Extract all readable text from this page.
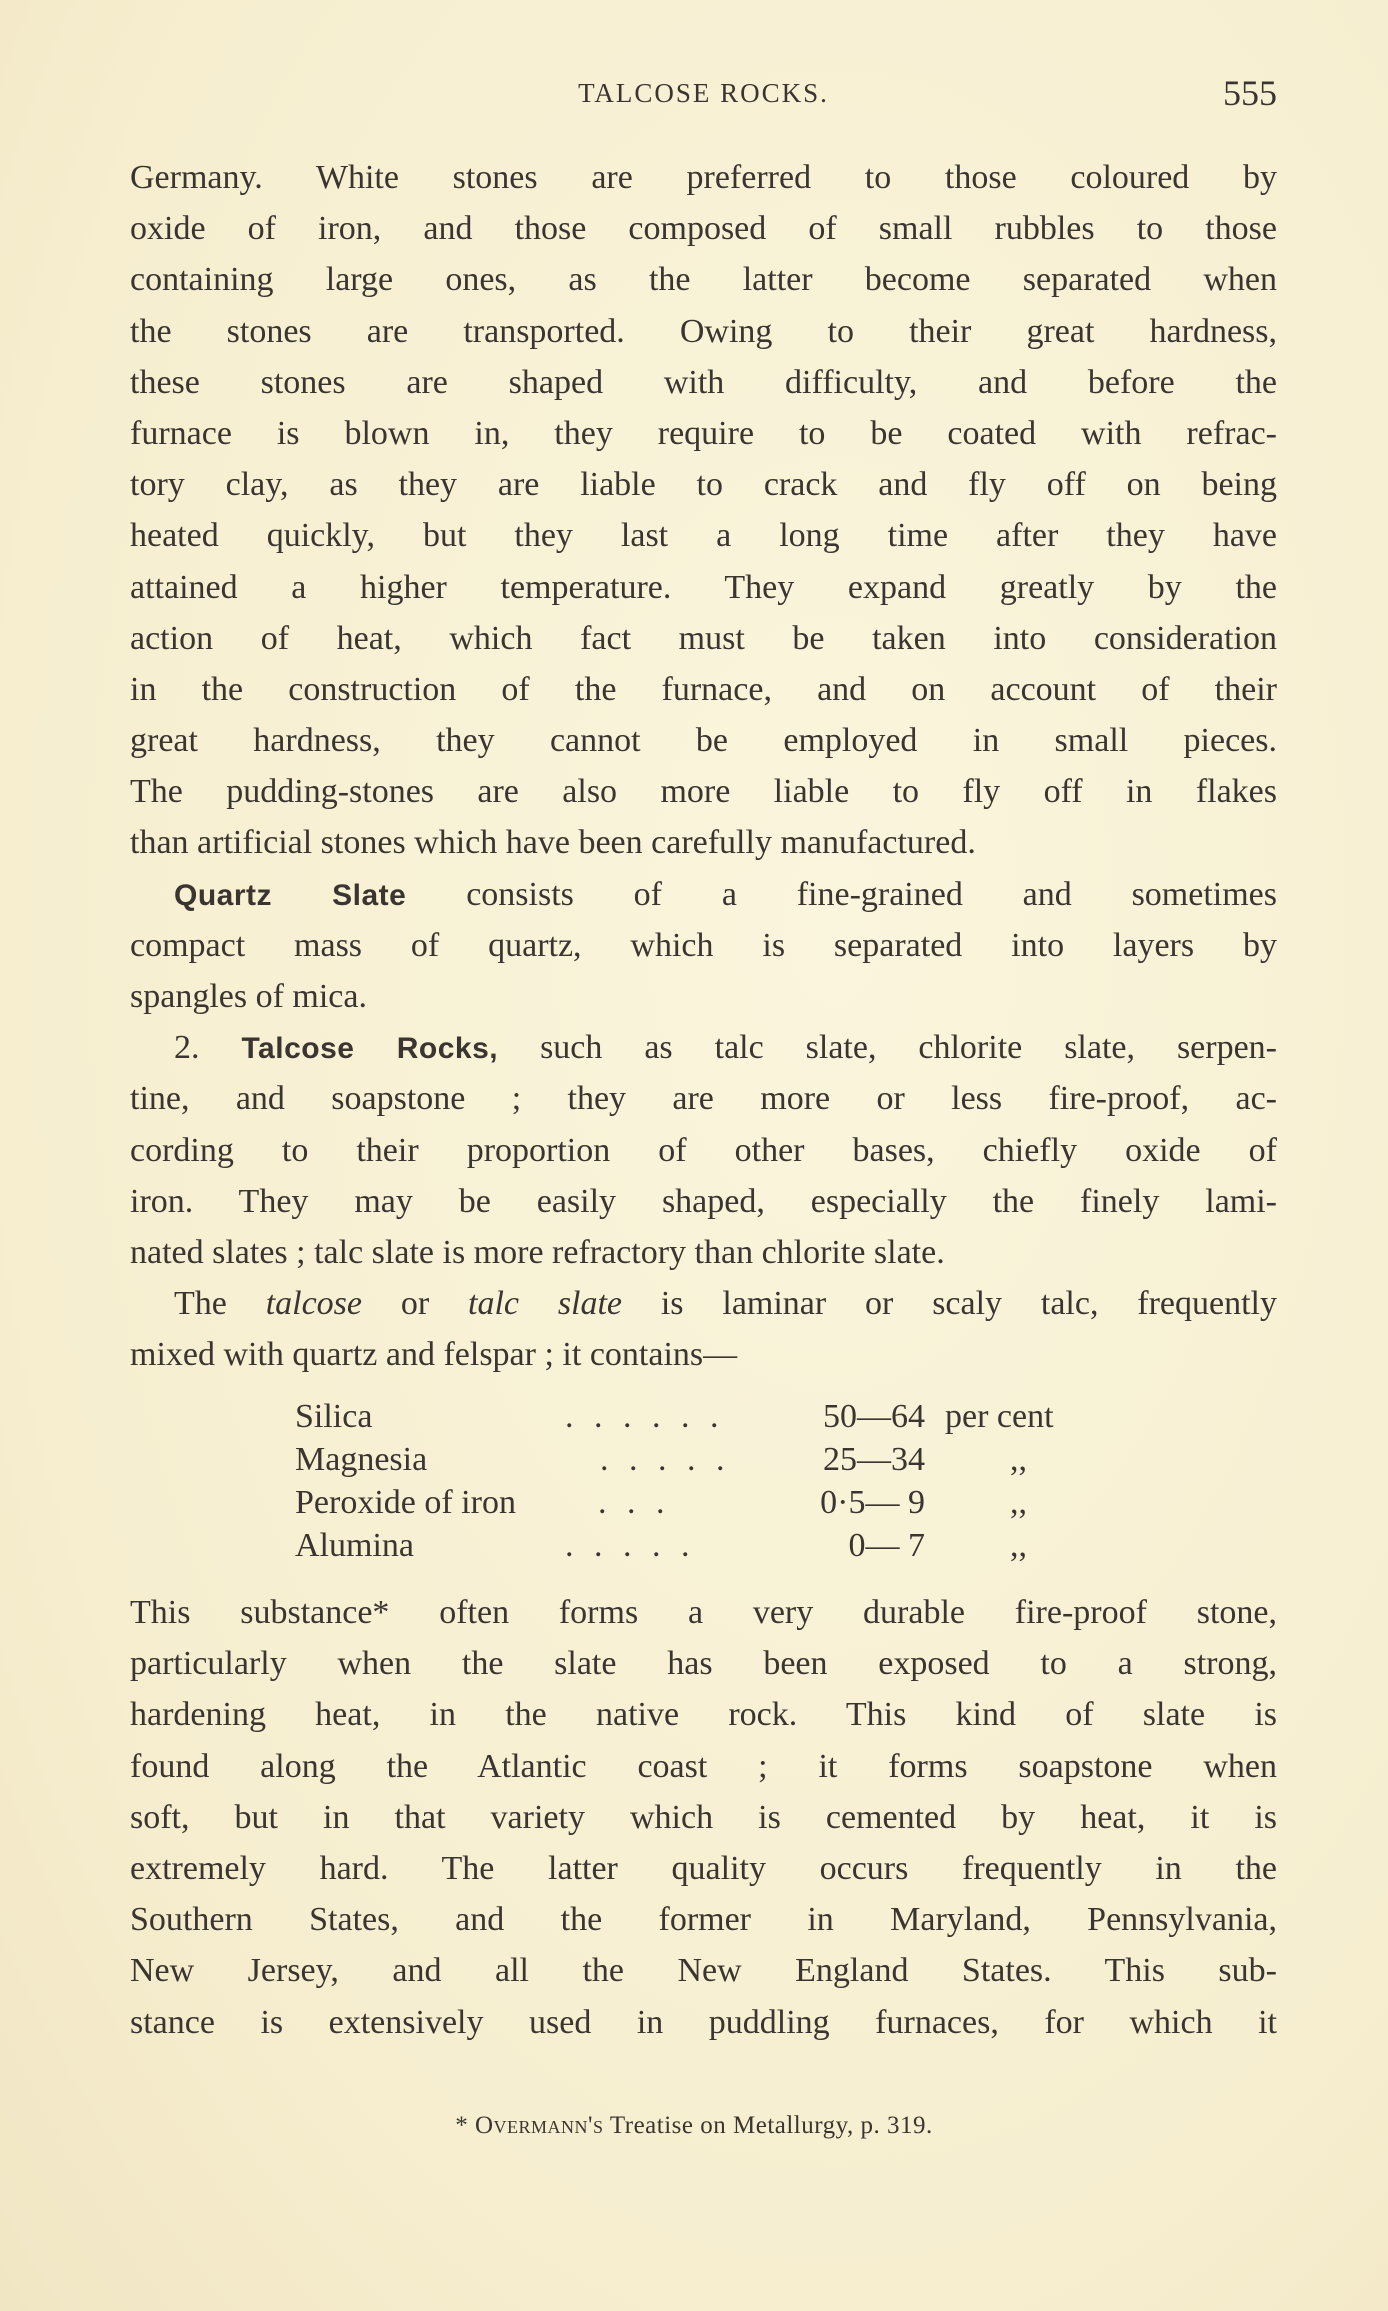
TALCOSE ROCKS.	555
Germany. White stones are preferred to those coloured by
oxide of iron, and those composed of small rubbles to those
containing large ones, as the latter become separated when
the stones are transported. Owing to their great hardness,
these stones are shaped with difficulty, and before the
furnace is blown in, they require to be coated with refrac-
tory clay, as they are liable to crack and fly off on being
heated quickly, but they last a long time after they have
attained a higher temperature. They expand greatly by the
action of heat, which fact must be taken into consideration
in the construction of the furnace, and on account of their
great hardness, they cannot be employed in small pieces.
The pudding-stones are also more liable to fly off in flakes
than artificial stones which have been carefully manufactured.
Quartz Slate consists of a fine-grained and sometimes
compact mass of quartz, which is separated into layers by
spangles of mica.
2. Talcose Rocks, such as talc slate, chlorite slate, serpen-
tine, and soapstone ; they are more or less fire-proof, ac-
cording to their proportion of other bases, chiefly oxide of
iron. They may be easily shaped, especially the finely lami-
nated slates ; talc slate is more refractory than chlorite slate.
The talcose or talc slate is laminar or scaly talc, frequently
mixed with quartz and felspar ; it contains—
Silica	. . . . . .	50—64 per cent
Magnesia	. . . . .	25—34	,,
Peroxide of iron . . .	0·5— 9	,,
Alumina	. . . . .	0— 7	,,
This substance* often forms a very durable fire-proof stone,
particularly when the slate has been exposed to a strong,
hardening heat, in the native rock. This kind of slate is
found along the Atlantic coast ; it forms soapstone when
soft, but in that variety which is cemented by heat, it is
extremely hard. The latter quality occurs frequently in the
Southern States, and the former in Maryland, Pennsylvania,
New Jersey, and all the New England States. This sub-
stance is extensively used in puddling furnaces, for which it
* Overmann's Treatise on Metallurgy, p. 319.
